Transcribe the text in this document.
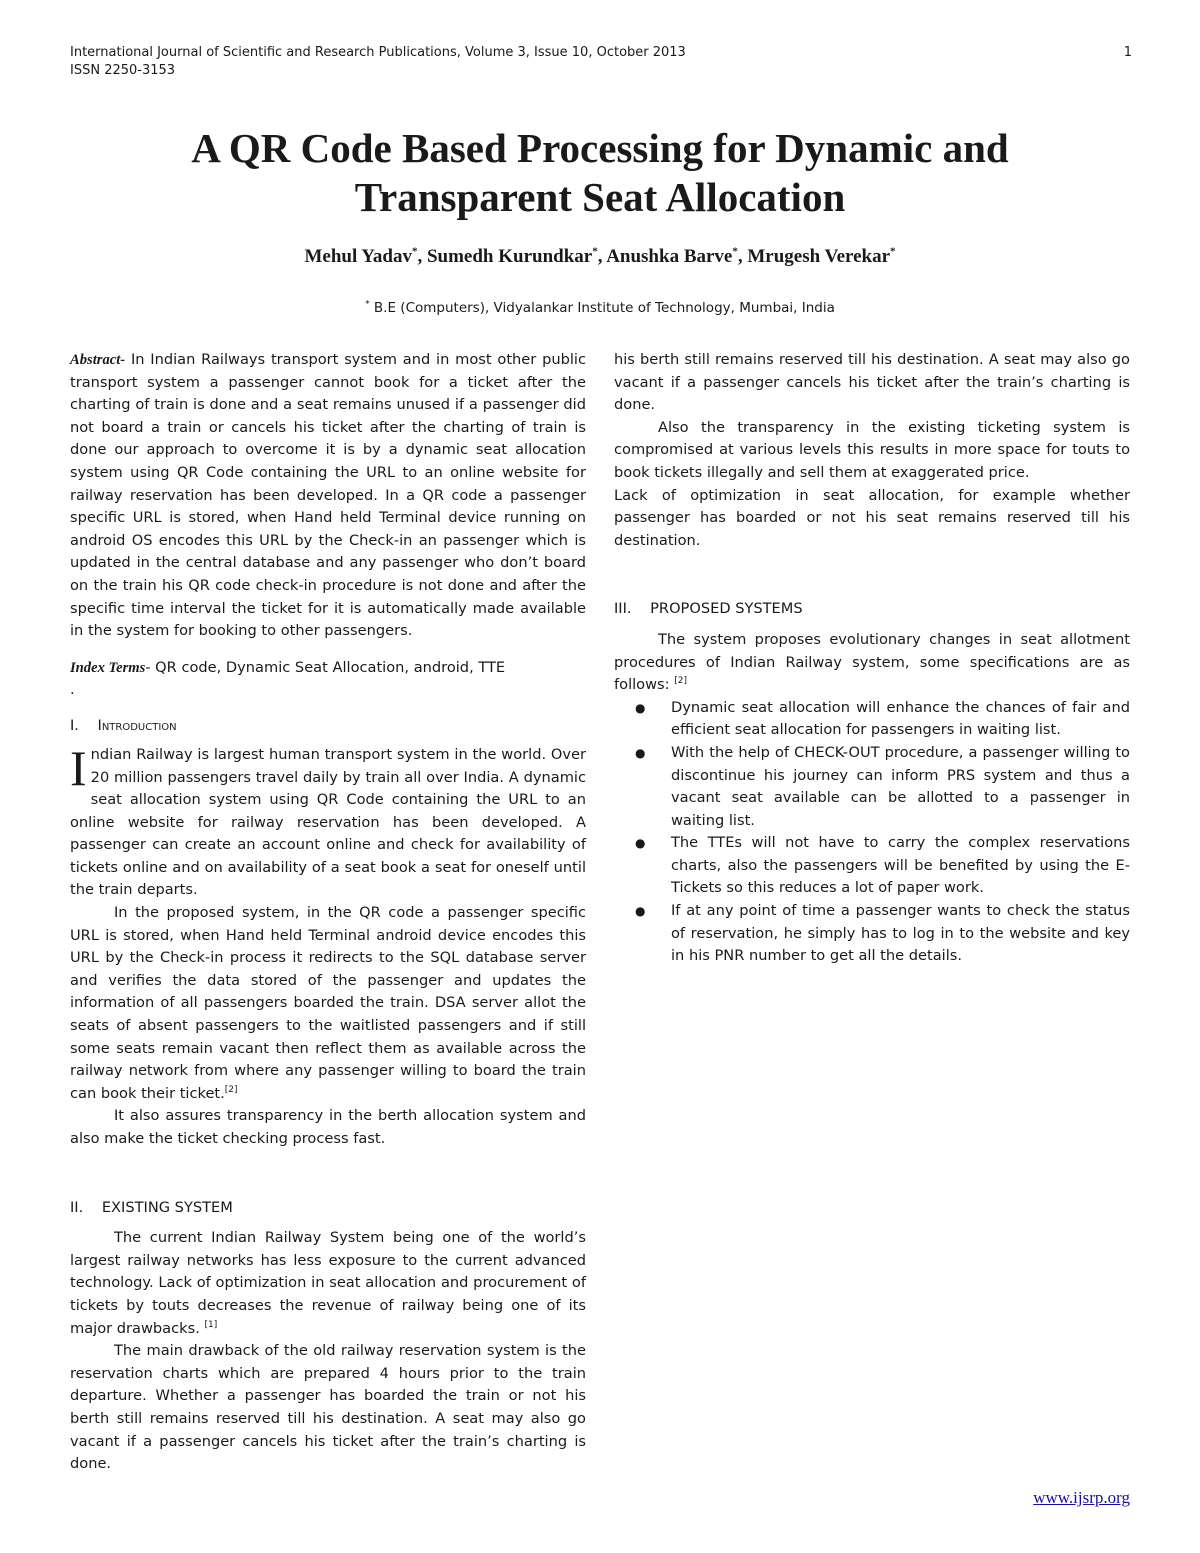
International Journal of Scientific and Research Publications, Volume 3, Issue 10, October 2013
ISSN 2250-3153
1
A QR Code Based Processing for Dynamic and
Transparent Seat Allocation
Mehul Yadav*, Sumedh Kurundkar*, Anushka Barve*, Mrugesh Verekar*
* B.E (Computers), Vidyalankar Institute of Technology, Mumbai, India

Abstract- In Indian Railways transport system and in most other public transport system a passenger cannot book for a ticket after the charting of train is done and a seat remains unused if a passenger did not board a train or cancels his ticket after the charting of train is done our approach to overcome it is by a dynamic seat allocation system using QR Code containing the URL to an online website for railway reservation has been developed. In a QR code a passenger specific URL is stored, when Hand held Terminal device running on android OS encodes this URL by the Check-in an passenger which is updated in the central database and any passenger who don’t board on the train his QR code check-in procedure is not done and after the specific time interval the ticket for it is automatically made available in the system for booking to other passengers.

Index Terms- QR code, Dynamic Seat Allocation, android, TTE

.

I. Introduction

Indian Railway is largest human transport system in the world. Over 20 million passengers travel daily by train all over India. A dynamic seat allocation system using QR Code containing the URL to an online website for railway reservation has been developed. A passenger can create an account online and check for availability of tickets online and on availability of a seat book a seat for oneself until the train departs.

In the proposed system, in the QR code a passenger specific URL is stored, when Hand held Terminal android device encodes this URL by the Check-in process it redirects to the SQL database server and verifies the data stored of the passenger and updates the information of all passengers boarded the train. DSA server allot the seats of absent passengers to the waitlisted passengers and if still some seats remain vacant then reflect them as available across the railway network from where any passenger willing to board the train can book their ticket.[2]

It also assures transparency in the berth allocation system and also make the ticket checking process fast.

II. EXISTING SYSTEM

The current Indian Railway System being one of the world’s largest railway networks has less exposure to the current advanced technology. Lack of optimization in seat allocation and procurement of tickets by touts decreases the revenue of railway being one of its major drawbacks. [1]

The main drawback of the old railway reservation system is the reservation charts which are prepared 4 hours prior to the train departure. Whether a passenger has boarded the train or not his berth still remains reserved till his destination. A seat may also go vacant if a passenger cancels his ticket after the train’s charting is done.

his berth still remains reserved till his destination. A seat may also go vacant if a passenger cancels his ticket after the train’s charting is done.

Also the transparency in the existing ticketing system is compromised at various levels this results in more space for touts to book tickets illegally and sell them at exaggerated price.

Lack of optimization in seat allocation, for example whether passenger has boarded or not his seat remains reserved till his destination.

III. PROPOSED SYSTEMS

The system proposes evolutionary changes in seat allotment procedures of Indian Railway system, some specifications are as follows: [2]

● Dynamic seat allocation will enhance the chances of fair and efficient seat allocation for passengers in waiting list.
● With the help of CHECK-OUT procedure, a passenger willing to discontinue his journey can inform PRS system and thus a vacant seat available can be allotted to a passenger in waiting list.
● The TTEs will not have to carry the complex reservations charts, also the passengers will be benefited by using the E-Tickets so this reduces a lot of paper work.
● If at any point of time a passenger wants to check the status of reservation, he simply has to log in to the website and key in his PNR number to get all the details.
www.ijsrp.org
